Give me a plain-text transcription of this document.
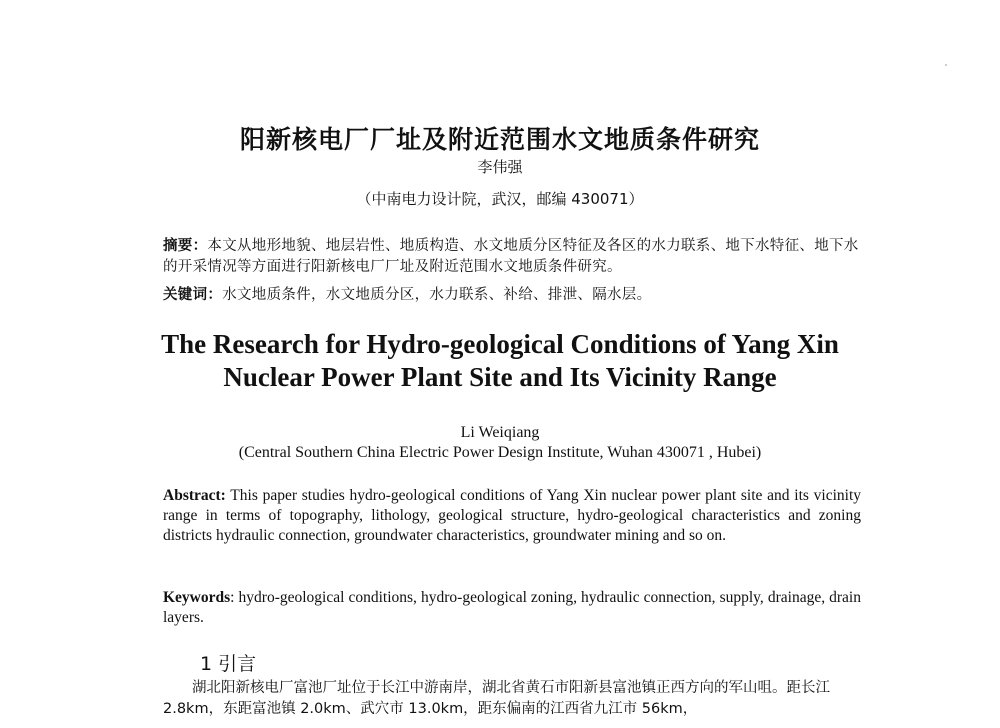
阳新核电厂厂址及附近范围水文地质条件研究
李伟强
（中南电力设计院，武汉，邮编 430071）
摘要：本文从地形地貌、地层岩性、地质构造、水文地质分区特征及各区的水力联系、地下水特征、地下水的开采情况等方面进行阳新核电厂厂址及附近范围水文地质条件研究。
关键词：水文地质条件，水文地质分区，水力联系、补给、排泄、隔水层。
The Research for Hydro-geological Conditions of Yang Xin
Nuclear Power Plant Site and Its Vicinity Range
Li Weiqiang
(Central Southern China Electric Power Design Institute, Wuhan 430071 , Hubei)
Abstract: This paper studies hydro-geological conditions of Yang Xin nuclear power plant site and its vicinity range in terms of topography, lithology, geological structure, hydro-geological characteristics and zoning districts hydraulic connection, groundwater characteristics, groundwater mining and so on.
Keywords: hydro-geological conditions, hydro-geological zoning, hydraulic connection, supply, drainage, drain layers.
1 引言
湖北阳新核电厂富池厂址位于长江中游南岸，湖北省黄石市阳新县富池镇正西方向的军山咀。距长江 2.8km，东距富池镇 2.0km、武穴市 13.0km，距东偏南的江西省九江市 56km，
